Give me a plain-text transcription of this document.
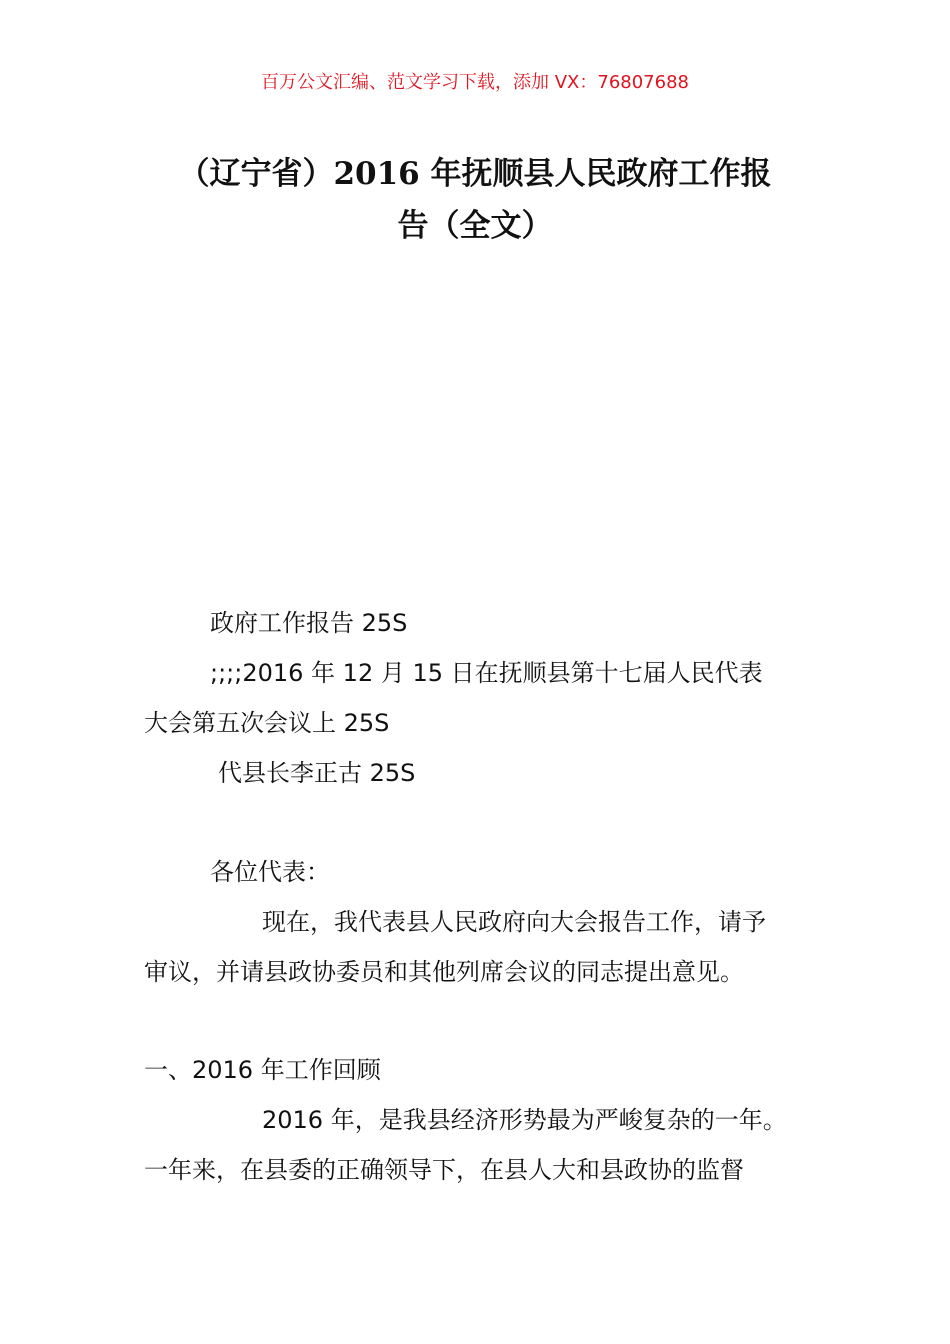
百万公文汇编、范文学习下载，添加 VX：76807688
（辽宁省）2016 年抚顺县人民政府工作报
告（全文）
政府工作报告 25S
;;;;2016 年 12 月 15 日在抚顺县第十七届人民代表
大会第五次会议上 25S
代县长李正古 25S
各位代表：
现在，我代表县人民政府向大会报告工作，请予
审议，并请县政协委员和其他列席会议的同志提出意见。
一、2016 年工作回顾
2016 年，是我县经济形势最为严峻复杂的一年。
一年来，在县委的正确领导下，在县人大和县政协的监督
